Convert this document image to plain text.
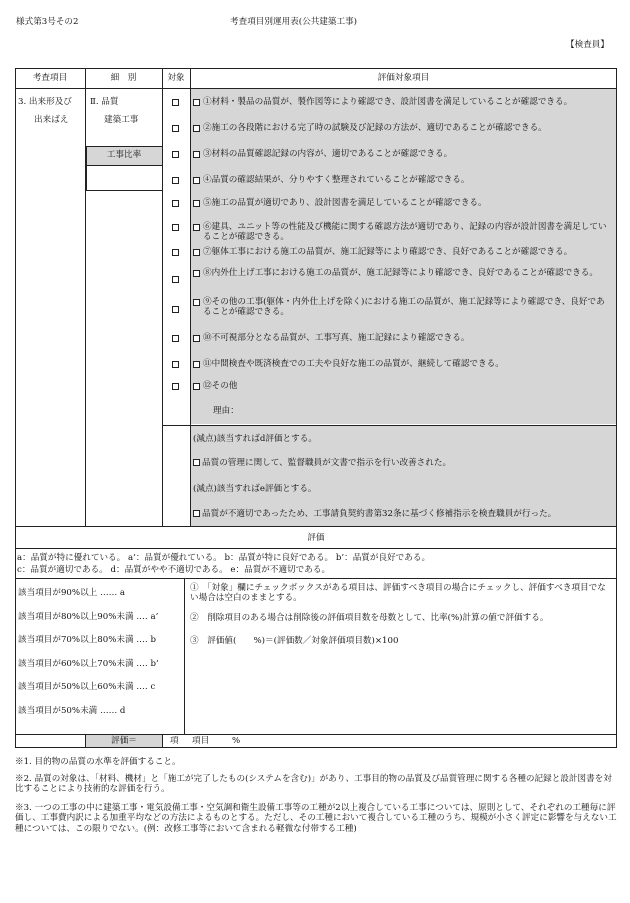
様式第3号その2	考査項目別運用表(公共建築工事)
【検査員】
考査項目	細　別	対象	評価対象項目
3. 出来形及び
出来ばえ
Ⅱ. 品質
建築工事
工事比率
①材料・製品の品質が、製作図等により確認でき、設計図書を満足していることが確認できる。
②施工の各段階における完了時の試験及び記録の方法が、適切であることが確認できる。
③材料の品質確認記録の内容が、適切であることが確認できる。
④品質の確認結果が、分りやすく整理されていることが確認できる。
⑤施工の品質が適切であり、設計図書を満足していることが確認できる。
⑥建具、ユニット等の性能及び機能に関する確認方法が適切であり、記録の内容が設計図書を満足していることが確認できる。
⑦躯体工事における施工の品質が、施工記録等により確認でき、良好であることが確認できる。
⑧内外仕上げ工事における施工の品質が、施工記録等により確認でき、良好であることが確認できる。
⑨その他の工事(躯体・内外仕上げを除く)における施工の品質が、施工記録等により確認でき、良好であることが確認できる。
⑩不可視部分となる品質が、工事写真、施工記録により確認できる。
⑪中間検査や既済検査での工夫や良好な施工の品質が、継続して確認できる。
⑫その他
理由：
(減点)該当すればd評価とする。
品質の管理に関して、監督職員が文書で指示を行い改善された。
(減点)該当すればe評価とする。
品質が不適切であったため、工事請負契約書第32条に基づく修補指示を検査職員が行った。
評価
a：品質が特に優れている。 a’：品質が優れている。 b：品質が特に良好である。 b’：品質が良好である。
c：品質が適切である。 d：品質がやや不適切である。 e：品質が不適切である。
該当項目が90%以上 ‥‥‥ a
該当項目が80%以上90%未満 ‥‥ a’
該当項目が70%以上80%未満 ‥‥ b
該当項目が60%以上70%未満 ‥‥ b’
該当項目が50%以上60%未満 ‥‥ c
該当項目が50%未満 ‥‥‥ d
①　「対象」欄にチェックボックスがある項目は、評価すべき項目の場合にチェックし、評価すべき項目でない場合は空白のままとする。
②　削除項目のある場合は削除後の評価項目数を母数として、比率(%)計算の値で評価する。
③　評価値(　　%)＝(評価数／対象評価項目数)×100
評価＝	項 項目	%
※1. 目的物の品質の水準を評価すること。
※2. 品質の対象は、「材料、機材」と「施工が完了したもの(システムを含む)」があり、工事目的物の品質及び品質管理に関する各種の記録と設計図書を対比することにより技術的な評価を行う。
※3. 一つの工事の中に建築工事・電気設備工事・空気調和衛生設備工事等の工種が2以上複合している工事については、原則として、それぞれの工種毎に評価し、工事費内訳による加重平均などの方法によるものとする。ただし、その工種において複合している工種のうち、規模が小さく評定に影響を与えない工種については、この限りでない。(例：改修工事等において含まれる軽微な付帯する工種)
